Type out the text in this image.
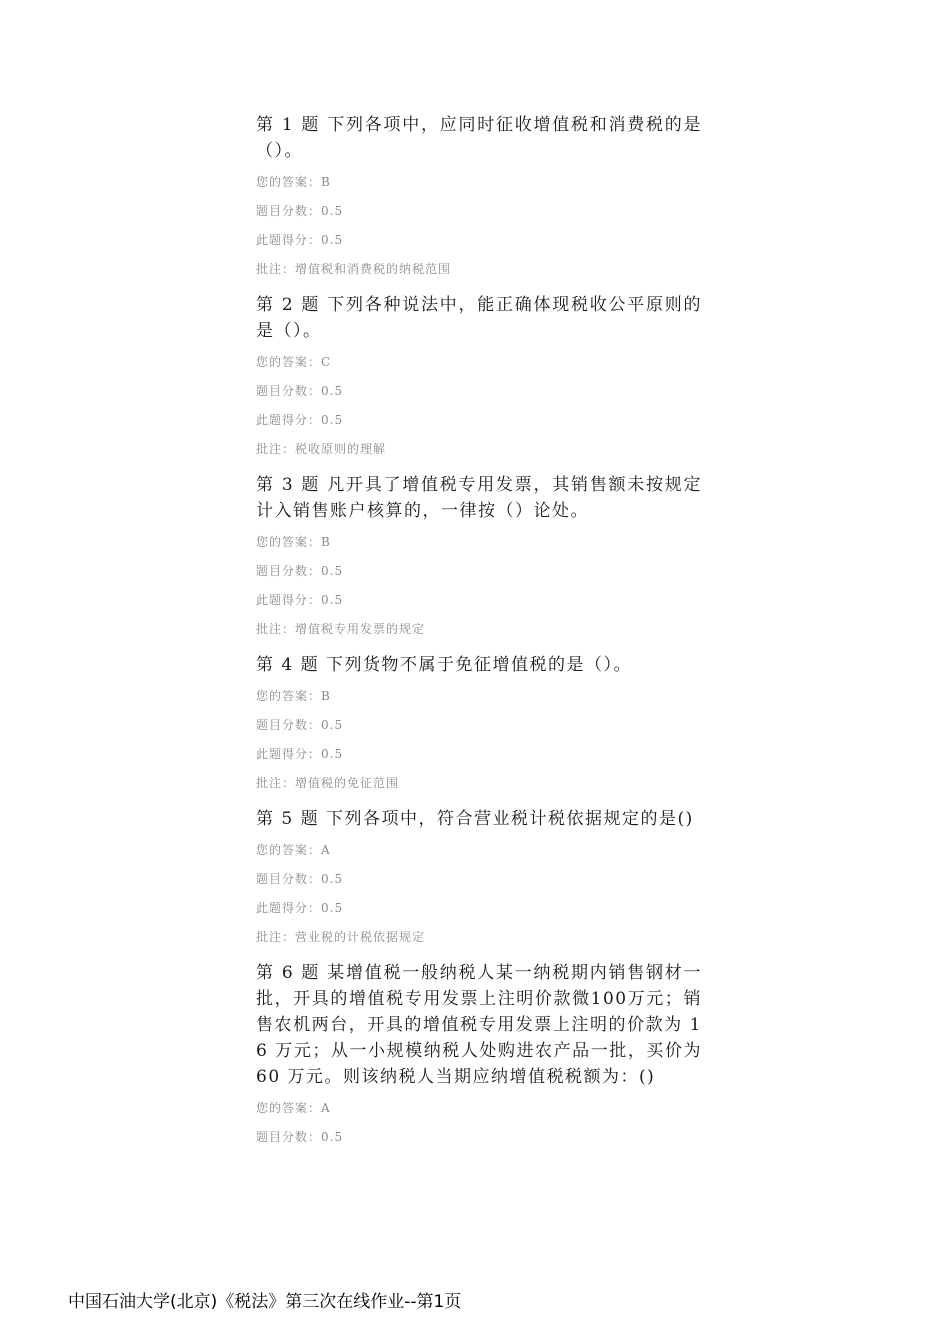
第 1 题 下列各项中，应同时征收增值税和消费税的是（）。
您的答案：B
题目分数：0.5
此题得分：0.5
批注：增值税和消费税的纳税范围
第 2 题 下列各种说法中，能正确体现税收公平原则的是（）。
您的答案：C
题目分数：0.5
此题得分：0.5
批注：税收原则的理解
第 3 题 凡开具了增值税专用发票，其销售额未按规定计入销售账户核算的，一律按（）论处。
您的答案：B
题目分数：0.5
此题得分：0.5
批注：增值税专用发票的规定
第 4 题 下列货物不属于免征增值税的是（）。
您的答案：B
题目分数：0.5
此题得分：0.5
批注：增值税的免征范围
第 5 题 下列各项中，符合营业税计税依据规定的是()
您的答案：A
题目分数：0.5
此题得分：0.5
批注：营业税的计税依据规定
第 6 题 某增值税一般纳税人某一纳税期内销售钢材一批，开具的增值税专用发票上注明价款微100万元；销售农机两台，开具的增值税专用发票上注明的价款为 16 万元；从一小规模纳税人处购进农产品一批，买价为 60 万元。则该纳税人当期应纳增值税税额为：()
您的答案：A
题目分数：0.5
中国石油大学(北京)《税法》第三次在线作业--第1页
